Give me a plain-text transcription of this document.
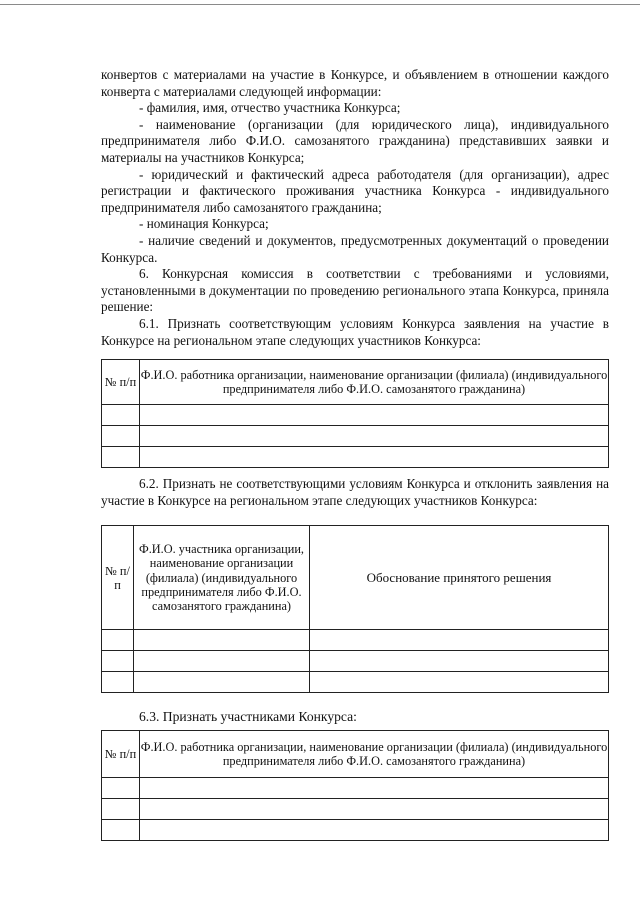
конвертов с материалами на участие в Конкурсе, и объявлением в отношении каждого конверта с материалами следующей информации:

- фамилия, имя, отчество участника Конкурса;

- наименование (организации (для юридического лица), индивидуального предпринимателя либо Ф.И.О. самозанятого гражданина) представивших заявки и материалы на участников Конкурса;

- юридический и фактический адреса работодателя (для организации), адрес регистрации и фактического проживания участника Конкурса - индивидуального предпринимателя либо самозанятого гражданина;

- номинация Конкурса;

- наличие сведений и документов, предусмотренных документаций о проведении Конкурса.

6. Конкурсная комиссия в соответствии с требованиями и условиями, установленными в документации по проведению регионального этапа Конкурса, приняла решение:

6.1. Признать соответствующим условиям Конкурса заявления на участие в Конкурсе на региональном этапе следующих участников Конкурса:

№ п/п	Ф.И.О. работника организации, наименование организации (филиала) (индивидуального предпринимателя либо Ф.И.О. самозанятого гражданина)

6.2. Признать не соответствующими условиям Конкурса и отклонить заявления на участие в Конкурсе на региональном этапе следующих участников Конкурса:

№ п/п	Ф.И.О. участника организации, наименование организации (филиала) (индивидуального предпринимателя либо Ф.И.О. самозанятого гражданина)	Обоснование принятого решения

6.3. Признать участниками Конкурса:

№ п/п	Ф.И.О. работника организации, наименование организации (филиала) (индивидуального предпринимателя либо Ф.И.О. самозанятого гражданина)
